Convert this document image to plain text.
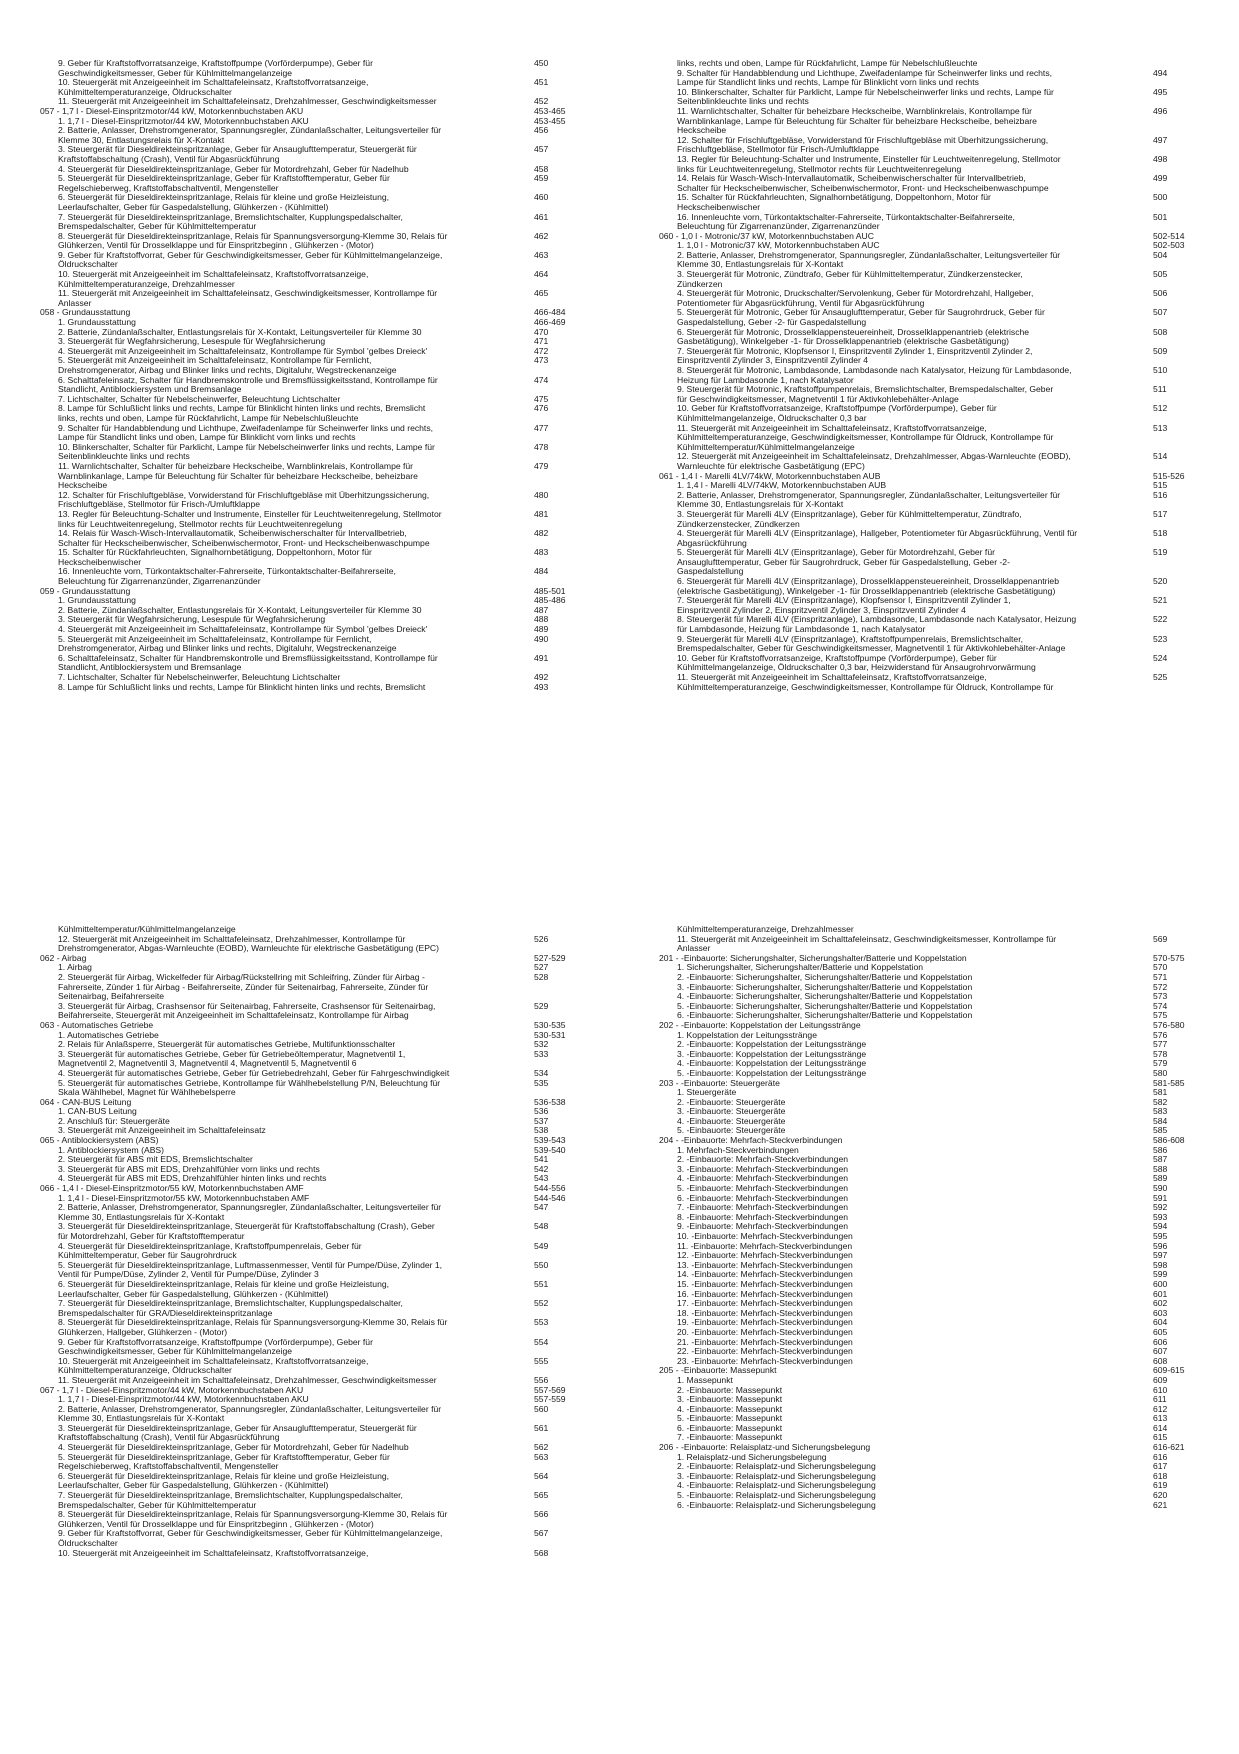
9. Geber für Kraftstoffvorratsanzeige, Kraftstoffpumpe (Vorförderpumpe), Geber für	450
Geschwindigkeitsmesser, Geber für Kühlmittelmangelanzeige
10. Steuergerät mit Anzeigeeinheit im Schalttafeleinsatz, Kraftstoffvorratsanzeige,	451
Kühlmitteltemperaturanzeige, Öldruckschalter
11. Steuergerät mit Anzeigeeinheit im Schalttafeleinsatz, Drehzahlmesser, Geschwindigkeitsmesser	452
057 - 1,7 l - Diesel-Einspritzmotor/44 kW, Motorkennbuchstaben AKU	453-465
1. 1,7 l - Diesel-Einspritzmotor/44 kW, Motorkennbuchstaben AKU	453-455
2. Batterie, Anlasser, Drehstromgenerator, Spannungsregler, Zündanlaßschalter, Leitungsverteiler für	456
Klemme 30, Entlastungsrelais für X-Kontakt
3. Steuergerät für Dieseldirekteinspritzanlage, Geber für Ansauglufttemperatur, Steuergerät für	457
Kraftstoffabschaltung (Crash), Ventil für Abgasrückführung
4. Steuergerät für Dieseldirekteinspritzanlage, Geber für Motordrehzahl, Geber für Nadelhub	458
5. Steuergerät für Dieseldirekteinspritzanlage, Geber für Kraftstofftemperatur, Geber für	459
Regelschieberweg, Kraftstoffabschaltventil, Mengensteller
6. Steuergerät für Dieseldirekteinspritzanlage, Relais für kleine und große Heizleistung,	460
Leerlaufschalter, Geber für Gaspedalstellung, Glühkerzen - (Kühlmittel)
7. Steuergerät für Dieseldirekteinspritzanlage, Bremslichtschalter, Kupplungspedalschalter,	461
Bremspedalschalter, Geber für Kühlmitteltemperatur
8. Steuergerät für Dieseldirekteinspritzanlage, Relais für Spannungsversorgung-Klemme 30, Relais für	462
Glühkerzen, Ventil für Drosselklappe und für Einspritzbeginn , Glühkerzen - (Motor)
9. Geber für Kraftstoffvorrat, Geber für Geschwindigkeitsmesser, Geber für Kühlmittelmangelanzeige,	463
Öldruckschalter
10. Steuergerät mit Anzeigeeinheit im Schalttafeleinsatz, Kraftstoffvorratsanzeige,	464
Kühlmitteltemperaturanzeige, Drehzahlmesser
11. Steuergerät mit Anzeigeeinheit im Schalttafeleinsatz, Geschwindigkeitsmesser, Kontrollampe für	465
Anlasser
058 - Grundausstattung	466-484
1. Grundausstattung	466-469
2. Batterie, Zündanlaßschalter, Entlastungsrelais für X-Kontakt, Leitungsverteiler für Klemme 30	470
3. Steuergerät für Wegfahrsicherung, Lesespule für Wegfahrsicherung	471
4. Steuergerät mit Anzeigeeinheit im Schalttafeleinsatz, Kontrollampe für Symbol 'gelbes Dreieck'	472
5. Steuergerät mit Anzeigeeinheit im Schalttafeleinsatz, Kontrollampe für Fernlicht,	473
Drehstromgenerator, Airbag und Blinker links und rechts, Digitaluhr, Wegstreckenanzeige
6. Schalttafeleinsatz, Schalter für Handbremskontrolle und Bremsflüssigkeitsstand, Kontrollampe für	474
Standlicht, Antiblockiersystem und Bremsanlage
7. Lichtschalter, Schalter für Nebelscheinwerfer, Beleuchtung Lichtschalter	475
8. Lampe für Schlußlicht links und rechts, Lampe für Blinklicht hinten links und rechts, Bremslicht	476
links, rechts und oben, Lampe für Rückfahrlicht, Lampe für Nebelschlußleuchte
9. Schalter für Handabblendung und Lichthupe, Zweifadenlampe für Scheinwerfer links und rechts,	477
Lampe für Standlicht links und oben, Lampe für Blinklicht vorn links und rechts
10. Blinkerschalter, Schalter für Parklicht, Lampe für Nebelscheinwerfer links und rechts, Lampe für	478
Seitenblinkleuchte links und rechts
11. Warnlichtschalter, Schalter für beheizbare Heckscheibe, Warnblinkrelais, Kontrollampe für	479
Warnblinkanlage, Lampe für Beleuchtung für Schalter für beheizbare Heckscheibe, beheizbare
Heckscheibe
12. Schalter für Frischluftgebläse, Vorwiderstand für Frischluftgebläse mit Überhitzungssicherung,	480
Frischluftgebläse, Stellmotor für Frisch-/Umluftklappe
13. Regler für Beleuchtung-Schalter und Instrumente, Einsteller für Leuchtweitenregelung, Stellmotor	481
links für Leuchtweitenregelung, Stellmotor rechts für Leuchtweitenregelung
14. Relais für Wasch-Wisch-Intervallautomatik, Scheibenwischerschalter für Intervallbetrieb,	482
Schalter für Heckscheibenwischer, Scheibenwischermotor, Front- und Heckscheibenwaschpumpe
15. Schalter für Rückfahrleuchten, Signalhornbetätigung, Doppeltonhorn, Motor für	483
Heckscheibenwischer
16. Innenleuchte vorn, Türkontaktschalter-Fahrerseite, Türkontaktschalter-Beifahrerseite,	484
Beleuchtung für Zigarrenanzünder, Zigarrenanzünder
059 - Grundausstattung	485-501
1. Grundausstattung	485-486
2. Batterie, Zündanlaßschalter, Entlastungsrelais für X-Kontakt, Leitungsverteiler für Klemme 30	487
3. Steuergerät für Wegfahrsicherung, Lesespule für Wegfahrsicherung	488
4. Steuergerät mit Anzeigeeinheit im Schalttafeleinsatz, Kontrollampe für Symbol 'gelbes Dreieck'	489
5. Steuergerät mit Anzeigeeinheit im Schalttafeleinsatz, Kontrollampe für Fernlicht,	490
Drehstromgenerator, Airbag und Blinker links und rechts, Digitaluhr, Wegstreckenanzeige
6. Schalttafeleinsatz, Schalter für Handbremskontrolle und Bremsflüssigkeitsstand, Kontrollampe für	491
Standlicht, Antiblockiersystem und Bremsanlage
7. Lichtschalter, Schalter für Nebelscheinwerfer, Beleuchtung Lichtschalter	492
8. Lampe für Schlußlicht links und rechts, Lampe für Blinklicht hinten links und rechts, Bremslicht	493
links, rechts und oben, Lampe für Rückfahrlicht, Lampe für Nebelschlußleuchte
9. Schalter für Handabblendung und Lichthupe, Zweifadenlampe für Scheinwerfer links und rechts,	494
Lampe für Standlicht links und rechts, Lampe für Blinklicht vorn links und rechts
10. Blinkerschalter, Schalter für Parklicht, Lampe für Nebelscheinwerfer links und rechts, Lampe für	495
Seitenblinkleuchte links und rechts
11. Warnlichtschalter, Schalter für beheizbare Heckscheibe, Warnblinkrelais, Kontrollampe für	496
Warnblinkanlage, Lampe für Beleuchtung für Schalter für beheizbare Heckscheibe, beheizbare
Heckscheibe
12. Schalter für Frischluftgebläse, Vorwiderstand für Frischluftgebläse mit Überhitzungssicherung,	497
Frischluftgebläse, Stellmotor für Frisch-/Umluftklappe
13. Regler für Beleuchtung-Schalter und Instrumente, Einsteller für Leuchtweitenregelung, Stellmotor	498
links für Leuchtweitenregelung, Stellmotor rechts für Leuchtweitenregelung
14. Relais für Wasch-Wisch-Intervallautomatik, Scheibenwischerschalter für Intervallbetrieb,	499
Schalter für Heckscheibenwischer, Scheibenwischermotor, Front- und Heckscheibenwaschpumpe
15. Schalter für Rückfahrleuchten, Signalhornbetätigung, Doppeltonhorn, Motor für	500
Heckscheibenwischer
16. Innenleuchte vorn, Türkontaktschalter-Fahrerseite, Türkontaktschalter-Beifahrerseite,	501
Beleuchtung für Zigarrenanzünder, Zigarrenanzünder
060 - 1,0 l - Motronic/37 kW, Motorkennbuchstaben AUC	502-514
1. 1,0 l - Motronic/37 kW, Motorkennbuchstaben AUC	502-503
2. Batterie, Anlasser, Drehstromgenerator, Spannungsregler, Zündanlaßschalter, Leitungsverteiler für	504
Klemme 30, Entlastungsrelais für X-Kontakt
3. Steuergerät für Motronic, Zündtrafo, Geber für Kühlmitteltemperatur, Zündkerzenstecker,	505
Zündkerzen
4. Steuergerät für Motronic, Druckschalter/Servolenkung, Geber für Motordrehzahl, Hallgeber,	506
Potentiometer für Abgasrückführung, Ventil für Abgasrückführung
5. Steuergerät für Motronic, Geber für Ansauglufttemperatur, Geber für Saugrohrdruck, Geber für	507
Gaspedalstellung, Geber -2- für Gaspedalstellung
6. Steuergerät für Motronic, Drosselklappensteuereinheit, Drosselklappenantrieb (elektrische	508
Gasbetätigung), Winkelgeber -1- für Drosselklappenantrieb (elektrische Gasbetätigung)
7. Steuergerät für Motronic, Klopfsensor I, Einspritzventil Zylinder 1, Einspritzventil Zylinder 2,	509
Einspritzventil Zylinder 3, Einspritzventil Zylinder 4
8. Steuergerät für Motronic, Lambdasonde, Lambdasonde nach Katalysator, Heizung für Lambdasonde,	510
Heizung für Lambdasonde 1, nach Katalysator
9. Steuergerät für Motronic, Kraftstoffpumpenrelais, Bremslichtschalter, Bremspedalschalter, Geber	511
für Geschwindigkeitsmesser, Magnetventil 1 für Aktivkohlebehälter-Anlage
10. Geber für Kraftstoffvorratsanzeige, Kraftstoffpumpe (Vorförderpumpe), Geber für	512
Kühlmittelmangelanzeige, Öldruckschalter 0,3 bar
11. Steuergerät mit Anzeigeeinheit im Schalttafeleinsatz, Kraftstoffvorratsanzeige,	513
Kühlmitteltemperaturanzeige, Geschwindigkeitsmesser, Kontrollampe für Öldruck, Kontrollampe für
Kühlmitteltemperatur/Kühlmittelmangelanzeige
12. Steuergerät mit Anzeigeeinheit im Schalttafeleinsatz, Drehzahlmesser, Abgas-Warnleuchte (EOBD),	514
Warnleuchte für elektrische Gasbetätigung (EPC)
061 - 1,4 l - Marelli 4LV/74kW, Motorkennbuchstaben AUB	515-526
1. 1,4 l - Marelli 4LV/74kW, Motorkennbuchstaben AUB	515
2. Batterie, Anlasser, Drehstromgenerator, Spannungsregler, Zündanlaßschalter, Leitungsverteiler für	516
Klemme 30, Entlastungsrelais für X-Kontakt
3. Steuergerät für Marelli 4LV (Einspritzanlage), Geber für Kühlmitteltemperatur, Zündtrafo,	517
Zündkerzenstecker, Zündkerzen
4. Steuergerät für Marelli 4LV (Einspritzanlage), Hallgeber, Potentiometer für Abgasrückführung, Ventil für	518
Abgasrückführung
5. Steuergerät für Marelli 4LV (Einspritzanlage), Geber für Motordrehzahl, Geber für	519
Ansauglufttemperatur, Geber für Saugrohrdruck, Geber für Gaspedalstellung, Geber -2-
Gaspedalstellung
6. Steuergerät für Marelli 4LV (Einspritzanlage), Drosselklappensteuereinheit, Drosselklappenantrieb	520
(elektrische Gasbetätigung), Winkelgeber -1- für Drosselklappenantrieb (elektrische Gasbetätigung)
7. Steuergerät für Marelli 4LV (Einspritzanlage), Klopfsensor I, Einspritzventil Zylinder 1,	521
Einspritzventil Zylinder 2, Einspritzventil Zylinder 3, Einspritzventil Zylinder 4
8. Steuergerät für Marelli 4LV (Einspritzanlage), Lambdasonde, Lambdasonde nach Katalysator, Heizung	522
für Lambdasonde, Heizung für Lambdasonde 1, nach Katalysator
9. Steuergerät für Marelli 4LV (Einspritzanlage), Kraftstoffpumpenrelais, Bremslichtschalter,	523
Bremspedalschalter, Geber für Geschwindigkeitsmesser, Magnetventil 1 für Aktivkohlebehälter-Anlage
10. Geber für Kraftstoffvorratsanzeige, Kraftstoffpumpe (Vorförderpumpe), Geber für	524
Kühlmittelmangelanzeige, Öldruckschalter 0,3 bar, Heizwiderstand für Ansaugrohrvorwärmung
11. Steuergerät mit Anzeigeeinheit im Schalttafeleinsatz, Kraftstoffvorratsanzeige,	525
Kühlmitteltemperaturanzeige, Geschwindigkeitsmesser, Kontrollampe für Öldruck, Kontrollampe für
Kühlmitteltemperatur/Kühlmittelmangelanzeige
12. Steuergerät mit Anzeigeeinheit im Schalttafeleinsatz, Drehzahlmesser, Kontrollampe für	526
Drehstromgenerator, Abgas-Warnleuchte (EOBD), Warnleuchte für elektrische Gasbetätigung (EPC)
062 - Airbag	527-529
1. Airbag	527
2. Steuergerät für Airbag, Wickelfeder für Airbag/Rückstellring mit Schleifring, Zünder für Airbag -	528
Fahrerseite, Zünder 1 für Airbag - Beifahrerseite, Zünder für Seitenairbag, Fahrerseite, Zünder für
Seitenairbag, Beifahrerseite
3. Steuergerät für Airbag, Crashsensor für Seitenairbag, Fahrerseite, Crashsensor für Seitenairbag,	529
Beifahrerseite, Steuergerät mit Anzeigeeinheit im Schalttafeleinsatz, Kontrollampe für Airbag
063 - Automatisches Getriebe	530-535
1. Automatisches Getriebe	530-531
2. Relais für Anlaßsperre, Steuergerät für automatisches Getriebe, Multifunktionsschalter	532
3. Steuergerät für automatisches Getriebe, Geber für Getriebeöltemperatur, Magnetventil 1,	533
Magnetventil 2, Magnetventil 3, Magnetventil 4, Magnetventil 5, Magnetventil 6
4. Steuergerät für automatisches Getriebe, Geber für Getriebedrehzahl, Geber für Fahrgeschwindigkeit	534
5. Steuergerät für automatisches Getriebe, Kontrollampe für Wählhebelstellung P/N, Beleuchtung für	535
Skala Wählhebel, Magnet für Wählhebelsperre
064 - CAN-BUS Leitung	536-538
1. CAN-BUS Leitung	536
2. Anschluß für: Steuergeräte	537
3. Steuergerät mit Anzeigeeinheit im Schalttafeleinsatz	538
065 - Antiblockiersystem (ABS)	539-543
1. Antiblockiersystem (ABS)	539-540
2. Steuergerät für ABS mit EDS, Bremslichtschalter	541
3. Steuergerät für ABS mit EDS, Drehzahlfühler vorn links und rechts	542
4. Steuergerät für ABS mit EDS, Drehzahlfühler hinten links und rechts	543
066 - 1,4 l - Diesel-Einspritzmotor/55 kW, Motorkennbuchstaben AMF	544-556
1. 1,4 l - Diesel-Einspritzmotor/55 kW, Motorkennbuchstaben AMF	544-546
2. Batterie, Anlasser, Drehstromgenerator, Spannungsregler, Zündanlaßschalter, Leitungsverteiler für	547
Klemme 30, Entlastungsrelais für X-Kontakt
3. Steuergerät für Dieseldirekteinspritzanlage, Steuergerät für Kraftstoffabschaltung (Crash), Geber	548
für Motordrehzahl, Geber für Kraftstofftemperatur
4. Steuergerät für Dieseldirekteinspritzanlage, Kraftstoffpumpenrelais, Geber für	549
Kühlmitteltemperatur, Geber für Saugrohrdruck
5. Steuergerät für Dieseldirekteinspritzanlage, Luftmassenmesser, Ventil für Pumpe/Düse, Zylinder 1,	550
Ventil für Pumpe/Düse, Zylinder 2, Ventil für Pumpe/Düse, Zylinder 3
6. Steuergerät für Dieseldirekteinspritzanlage, Relais für kleine und große Heizleistung,	551
Leerlaufschalter, Geber für Gaspedalstellung, Glühkerzen - (Kühlmittel)
7. Steuergerät für Dieseldirekteinspritzanlage, Bremslichtschalter, Kupplungspedalschalter,	552
Bremspedalschalter für GRA/Dieseldirekteinspritzanlage
8. Steuergerät für Dieseldirekteinspritzanlage, Relais für Spannungsversorgung-Klemme 30, Relais für	553
Glühkerzen, Hallgeber, Glühkerzen - (Motor)
9. Geber für Kraftstoffvorratsanzeige, Kraftstoffpumpe (Vorförderpumpe), Geber für	554
Geschwindigkeitsmesser, Geber für Kühlmittelmangelanzeige
10. Steuergerät mit Anzeigeeinheit im Schalttafeleinsatz, Kraftstoffvorratsanzeige,	555
Kühlmitteltemperaturanzeige, Öldruckschalter
11. Steuergerät mit Anzeigeeinheit im Schalttafeleinsatz, Drehzahlmesser, Geschwindigkeitsmesser	556
067 - 1,7 l - Diesel-Einspritzmotor/44 kW, Motorkennbuchstaben AKU	557-569
1. 1,7 l - Diesel-Einspritzmotor/44 kW, Motorkennbuchstaben AKU	557-559
2. Batterie, Anlasser, Drehstromgenerator, Spannungsregler, Zündanlaßschalter, Leitungsverteiler für	560
Klemme 30, Entlastungsrelais für X-Kontakt
3. Steuergerät für Dieseldirekteinspritzanlage, Geber für Ansauglufttemperatur, Steuergerät für	561
Kraftstoffabschaltung (Crash), Ventil für Abgasrückführung
4. Steuergerät für Dieseldirekteinspritzanlage, Geber für Motordrehzahl, Geber für Nadelhub	562
5. Steuergerät für Dieseldirekteinspritzanlage, Geber für Kraftstofftemperatur, Geber für	563
Regelschieberweg, Kraftstoffabschaltventil, Mengensteller
6. Steuergerät für Dieseldirekteinspritzanlage, Relais für kleine und große Heizleistung,	564
Leerlaufschalter, Geber für Gaspedalstellung, Glühkerzen - (Kühlmittel)
7. Steuergerät für Dieseldirekteinspritzanlage, Bremslichtschalter, Kupplungspedalschalter,	565
Bremspedalschalter, Geber für Kühlmitteltemperatur
8. Steuergerät für Dieseldirekteinspritzanlage, Relais für Spannungsversorgung-Klemme 30, Relais für	566
Glühkerzen, Ventil für Drosselklappe und für Einspritzbeginn , Glühkerzen - (Motor)
9. Geber für Kraftstoffvorrat, Geber für Geschwindigkeitsmesser, Geber für Kühlmittelmangelanzeige,	567
Öldruckschalter
10. Steuergerät mit Anzeigeeinheit im Schalttafeleinsatz, Kraftstoffvorratsanzeige,	568
Kühlmitteltemperaturanzeige, Drehzahlmesser
11. Steuergerät mit Anzeigeeinheit im Schalttafeleinsatz, Geschwindigkeitsmesser, Kontrollampe für	569
Anlasser
201 - -Einbauorte: Sicherungshalter, Sicherungshalter/Batterie und Koppelstation	570-575
1. Sicherungshalter, Sicherungshalter/Batterie und Koppelstation	570
2. -Einbauorte: Sicherungshalter, Sicherungshalter/Batterie und Koppelstation	571
3. -Einbauorte: Sicherungshalter, Sicherungshalter/Batterie und Koppelstation	572
4. -Einbauorte: Sicherungshalter, Sicherungshalter/Batterie und Koppelstation	573
5. -Einbauorte: Sicherungshalter, Sicherungshalter/Batterie und Koppelstation	574
6. -Einbauorte: Sicherungshalter, Sicherungshalter/Batterie und Koppelstation	575
202 - -Einbauorte: Koppelstation der Leitungsstränge	576-580
1. Koppelstation der Leitungsstränge	576
2. -Einbauorte: Koppelstation der Leitungsstränge	577
3. -Einbauorte: Koppelstation der Leitungsstränge	578
4. -Einbauorte: Koppelstation der Leitungsstränge	579
5. -Einbauorte: Koppelstation der Leitungsstränge	580
203 - -Einbauorte: Steuergeräte	581-585
1. Steuergeräte	581
2. -Einbauorte: Steuergeräte	582
3. -Einbauorte: Steuergeräte	583
4. -Einbauorte: Steuergeräte	584
5. -Einbauorte: Steuergeräte	585
204 - -Einbauorte: Mehrfach-Steckverbindungen	586-608
1. Mehrfach-Steckverbindungen	586
2. -Einbauorte: Mehrfach-Steckverbindungen	587
3. -Einbauorte: Mehrfach-Steckverbindungen	588
4. -Einbauorte: Mehrfach-Steckverbindungen	589
5. -Einbauorte: Mehrfach-Steckverbindungen	590
6. -Einbauorte: Mehrfach-Steckverbindungen	591
7. -Einbauorte: Mehrfach-Steckverbindungen	592
8. -Einbauorte: Mehrfach-Steckverbindungen	593
9. -Einbauorte: Mehrfach-Steckverbindungen	594
10. -Einbauorte: Mehrfach-Steckverbindungen	595
11. -Einbauorte: Mehrfach-Steckverbindungen	596
12. -Einbauorte: Mehrfach-Steckverbindungen	597
13. -Einbauorte: Mehrfach-Steckverbindungen	598
14. -Einbauorte: Mehrfach-Steckverbindungen	599
15. -Einbauorte: Mehrfach-Steckverbindungen	600
16. -Einbauorte: Mehrfach-Steckverbindungen	601
17. -Einbauorte: Mehrfach-Steckverbindungen	602
18. -Einbauorte: Mehrfach-Steckverbindungen	603
19. -Einbauorte: Mehrfach-Steckverbindungen	604
20. -Einbauorte: Mehrfach-Steckverbindungen	605
21. -Einbauorte: Mehrfach-Steckverbindungen	606
22. -Einbauorte: Mehrfach-Steckverbindungen	607
23. -Einbauorte: Mehrfach-Steckverbindungen	608
205 - -Einbauorte: Massepunkt	609-615
1. Massepunkt	609
2. -Einbauorte: Massepunkt	610
3. -Einbauorte: Massepunkt	611
4. -Einbauorte: Massepunkt	612
5. -Einbauorte: Massepunkt	613
6. -Einbauorte: Massepunkt	614
7. -Einbauorte: Massepunkt	615
206 - -Einbauorte: Relaisplatz-und Sicherungsbelegung	616-621
1. Relaisplatz-und Sicherungsbelegung	616
2. -Einbauorte: Relaisplatz-und Sicherungsbelegung	617
3. -Einbauorte: Relaisplatz-und Sicherungsbelegung	618
4. -Einbauorte: Relaisplatz-und Sicherungsbelegung	619
5. -Einbauorte: Relaisplatz-und Sicherungsbelegung	620
6. -Einbauorte: Relaisplatz-und Sicherungsbelegung	621
